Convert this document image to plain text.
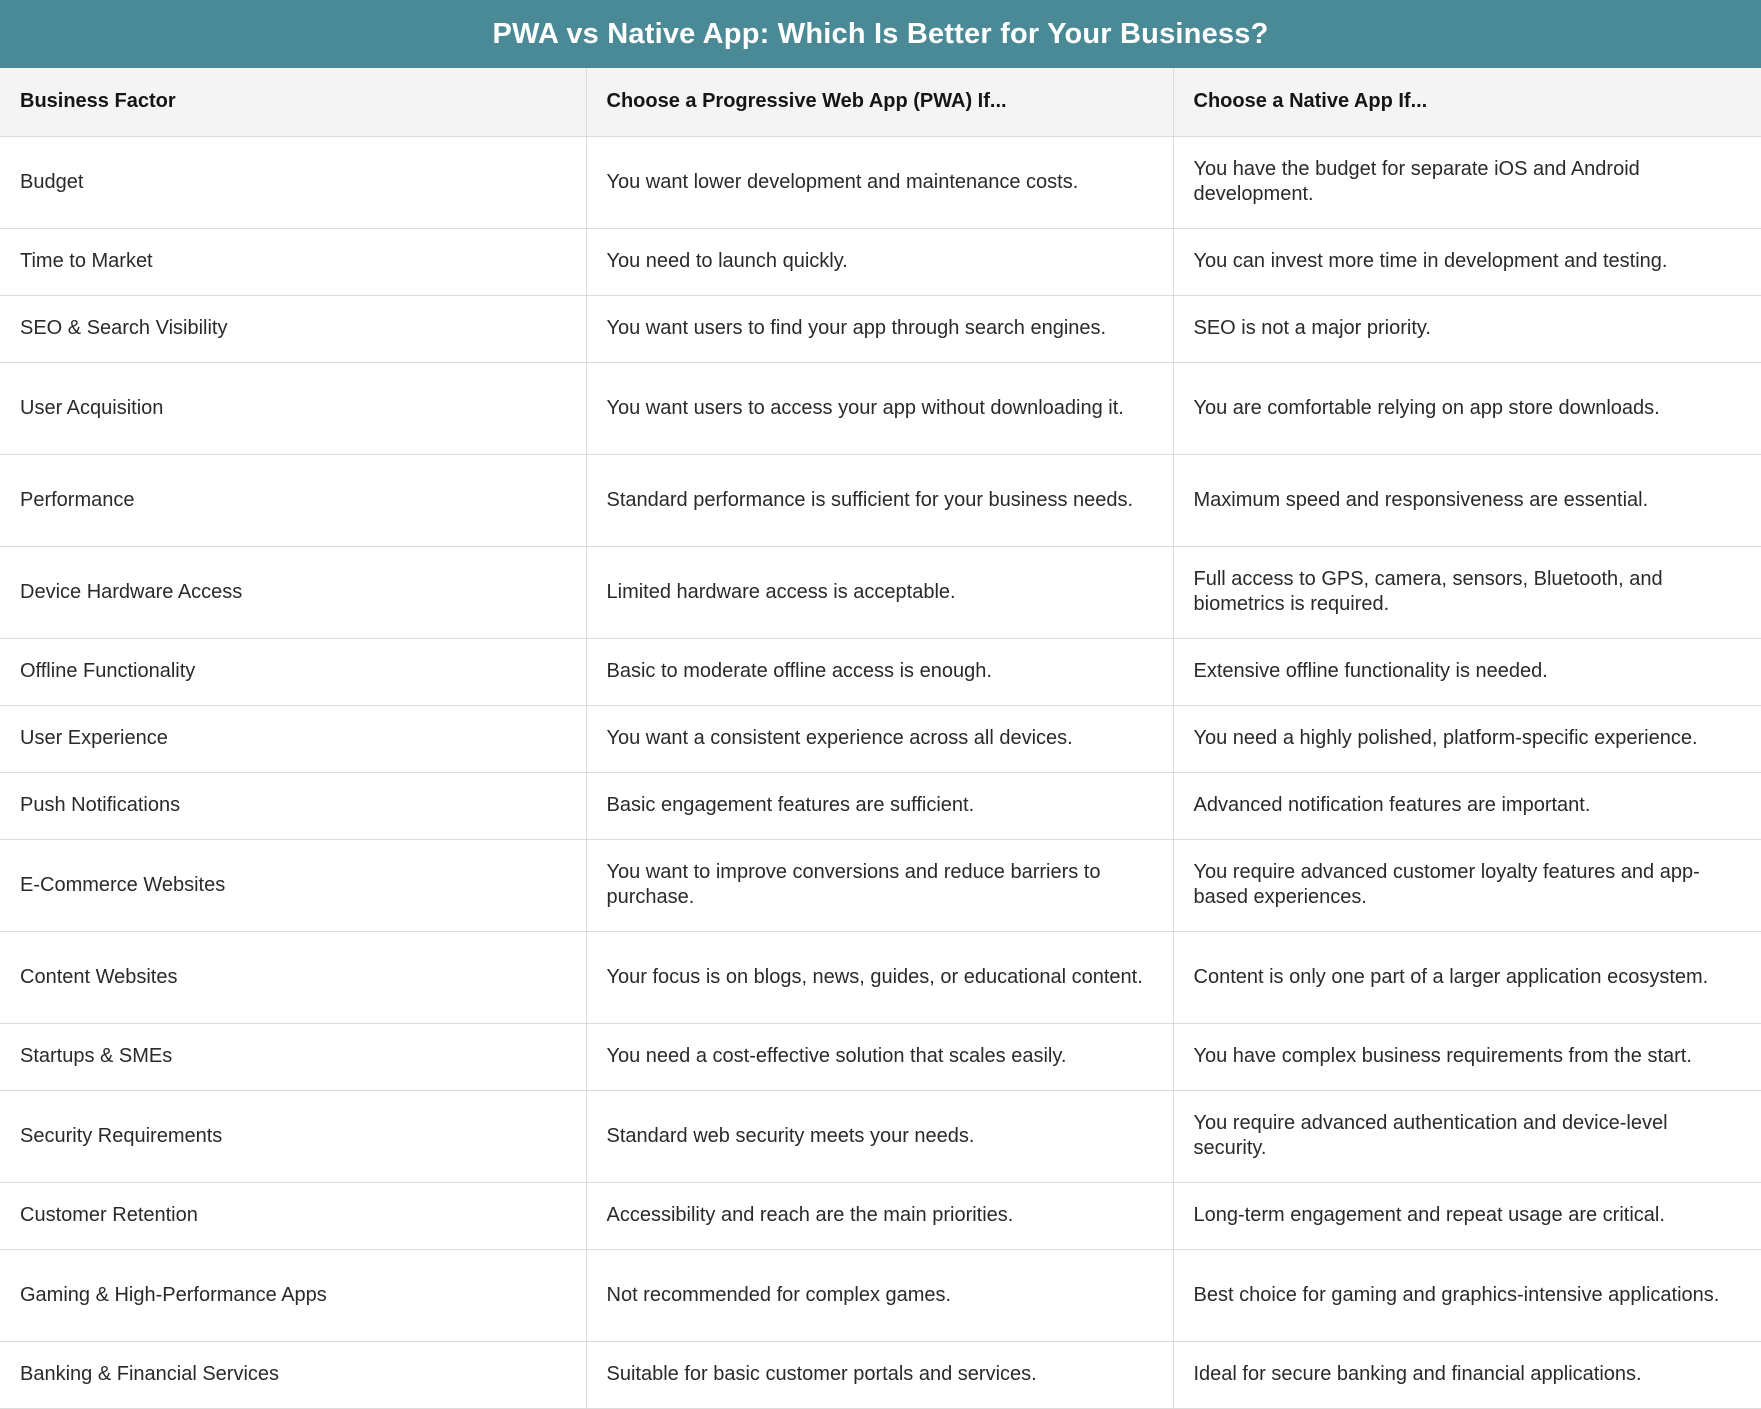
PWA vs Native App: Which Is Better for Your Business?
Business Factor	Choose a Progressive Web App (PWA) If...	Choose a Native App If...
Budget	You want lower development and maintenance costs.	You have the budget for separate iOS and Android development.
Time to Market	You need to launch quickly.	You can invest more time in development and testing.
SEO & Search Visibility	You want users to find your app through search engines.	SEO is not a major priority.
User Acquisition	You want users to access your app without downloading it.	You are comfortable relying on app store downloads.
Performance	Standard performance is sufficient for your business needs.	Maximum speed and responsiveness are essential.
Device Hardware Access	Limited hardware access is acceptable.	Full access to GPS, camera, sensors, Bluetooth, and biometrics is required.
Offline Functionality	Basic to moderate offline access is enough.	Extensive offline functionality is needed.
User Experience	You want a consistent experience across all devices.	You need a highly polished, platform-specific experience.
Push Notifications	Basic engagement features are sufficient.	Advanced notification features are important.
E-Commerce Websites	You want to improve conversions and reduce barriers to purchase.	You require advanced customer loyalty features and app-based experiences.
Content Websites	Your focus is on blogs, news, guides, or educational content.	Content is only one part of a larger application ecosystem.
Startups & SMEs	You need a cost-effective solution that scales easily.	You have complex business requirements from the start.
Security Requirements	Standard web security meets your needs.	You require advanced authentication and device-level security.
Customer Retention	Accessibility and reach are the main priorities.	Long-term engagement and repeat usage are critical.
Gaming & High-Performance Apps	Not recommended for complex games.	Best choice for gaming and graphics-intensive applications.
Banking & Financial Services	Suitable for basic customer portals and services.	Ideal for secure banking and financial applications.
